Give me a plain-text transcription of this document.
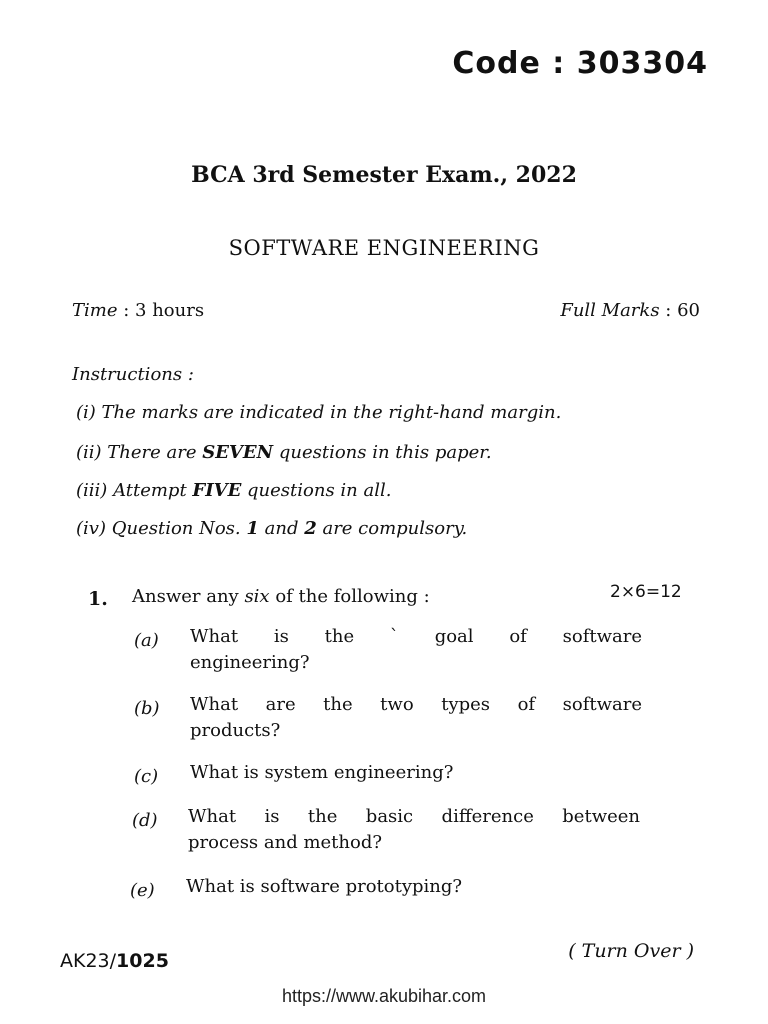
Code : 303304
BCA 3rd Semester Exam., 2022
SOFTWARE ENGINEERING
Time : 3 hours	Full Marks : 60
Instructions :
(i) The marks are indicated in the right-hand margin.
(ii) There are SEVEN questions in this paper.
(iii) Attempt FIVE questions in all.
(iv) Question Nos. 1 and 2 are compulsory.
1. Answer any six of the following :	2×6=12
(a) What is the ` goal of software
engineering?
(b) What are the two types of software
products?
(c) What is system engineering?
(d) What is the basic difference between
process and method?
(e) What is software prototyping?
AK23/1025	( Turn Over )
https://www.akubihar.com
